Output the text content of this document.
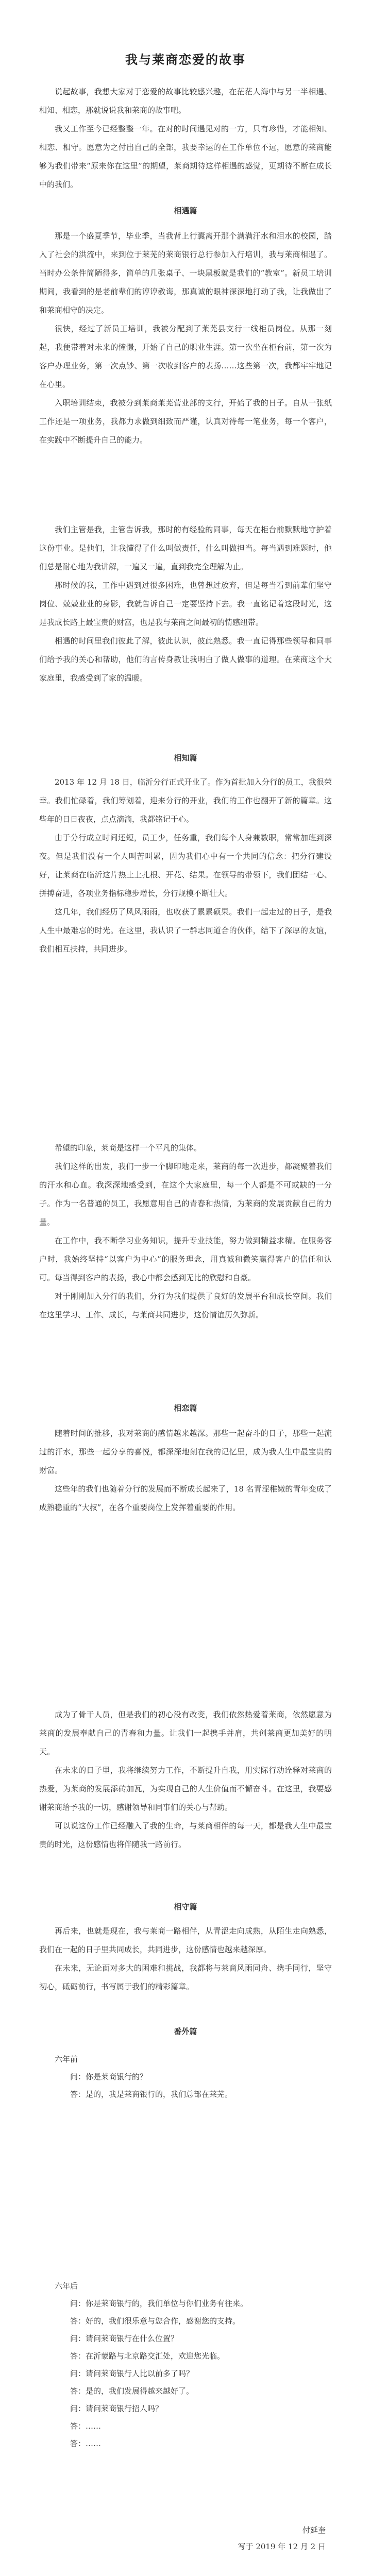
我与莱商恋爱的故事

说起故事，我想大家对于恋爱的故事比较感兴趣，在茫茫人海中与另一半相遇、相知、相恋，那就说说我和莱商的故事吧。

我又工作至今已经整整一年。在对的时间遇见对的一方，只有珍惜，才能相知、相恋、相守。愿意为之付出自己的全部，我要幸运的在工作单位不远，愿意的莱商能够为我们带来“原来你在这里”的期望，莱商期待这样相遇的感觉，更期待不断在成长中的我们。

相遇篇

那是一个盛夏季节，毕业季，当我背上行囊离开那个满满汗水和泪水的校园，踏入了社会的洪流中，来到位于莱芜的莱商银行总行参加入行培训，我与莱商相遇了。当时办公条件简陋得多，简单的几张桌子、一块黑板就是我们的“教室”。新员工培训期间，我看到的是老前辈们的谆谆教诲，那真诚的眼神深深地打动了我，让我做出了和莱商相守的决定。

很快，经过了新员工培训，我被分配到了莱芜县支行一线柜员岗位。从那一刻起，我便带着对未来的憧憬，开始了自己的职业生涯。第一次坐在柜台前，第一次为客户办理业务，第一次点钞、第一次收到客户的表扬……这些第一次，我都牢牢地记在心里。

入职培训结束，我被分到莱商莱芜营业部的支行，开始了我的日子。自从一张纸工作还是一项业务，我都力求做到细致而严谨，认真对待每一笔业务，每一个客户，在实践中不断提升自己的能力。

我们主管是我，主管告诉我，那时的有经验的同事，每天在柜台前默默地守护着这份事业。是他们，让我懂得了什么叫做责任，什么叫做担当。每当遇到难题时，他们总是耐心地为我讲解，一遍又一遍，直到我完全理解为止。

那时候的我，工作中遇到过很多困难，也曾想过放弃，但是每当看到前辈们坚守岗位、兢兢业业的身影，我就告诉自己一定要坚持下去。我一直铭记着这段时光，这是我成长路上最宝贵的财富，也是我与莱商之间最初的情感纽带。

相遇的时间里我们彼此了解，彼此认识，彼此熟悉。我一直记得那些领导和同事们给予我的关心和帮助，他们的言传身教让我明白了做人做事的道理。在莱商这个大家庭里，我感受到了家的温暖。

相知篇

2013 年 12 月 18 日，临沂分行正式开业了。作为首批加入分行的员工，我很荣幸。我们忙碌着，我们筹划着，迎来分行的开业，我们的工作也翻开了新的篇章。这些年的日日夜夜，点点滴滴，我都铭记于心。

由于分行成立时间还短，员工少，任务重，我们每个人身兼数职，常常加班到深夜。但是我们没有一个人叫苦叫累，因为我们心中有一个共同的信念：把分行建设好，让莱商在临沂这片热土上扎根、开花、结果。在领导的带领下，我们团结一心、拼搏奋进，各项业务指标稳步增长，分行规模不断壮大。

这几年，我们经历了风风雨雨，也收获了累累硕果。我们一起走过的日子，是我人生中最难忘的时光。在这里，我认识了一群志同道合的伙伴，结下了深厚的友谊，我们相互扶持，共同进步。

希望的印象，莱商是这样一个平凡的集体。

我们这样的出发，我们一步一个脚印地走来，莱商的每一次进步，都凝聚着我们的汗水和心血。我深深地感受到，在这个大家庭里，每一个人都是不可或缺的一分子。作为一名普通的员工，我愿意用自己的青春和热情，为莱商的发展贡献自己的力量。

在工作中，我不断学习业务知识，提升专业技能，努力做到精益求精。在服务客户时，我始终坚持“以客户为中心”的服务理念，用真诚和微笑赢得客户的信任和认可。每当得到客户的表扬，我心中都会感到无比的欣慰和自豪。

对于刚刚加入分行的我们，分行为我们提供了良好的发展平台和成长空间。我们在这里学习、工作、成长，与莱商共同进步，这份情谊历久弥新。

相恋篇

随着时间的推移，我对莱商的感情越来越深。那些一起奋斗的日子，那些一起流过的汗水，那些一起分享的喜悦，都深深地刻在我的记忆里，成为我人生中最宝贵的财富。

这些年的我们也随着分行的发展而不断成长起来了，18 名青涩稚嫩的青年变成了成熟稳重的“大叔”，在各个重要岗位上发挥着重要的作用。

成为了骨干人员，但是我们的初心没有改变，我们依然热爱着莱商，依然愿意为莱商的发展奉献自己的青春和力量。让我们一起携手并肩，共创莱商更加美好的明天。

在未来的日子里，我将继续努力工作，不断提升自我，用实际行动诠释对莱商的热爱，为莱商的发展添砖加瓦，为实现自己的人生价值而不懈奋斗。在这里，我要感谢莱商给予我的一切，感谢领导和同事们的关心与帮助。

可以说这份工作已经融入了我的生命，与莱商相伴的每一天，都是我人生中最宝贵的时光，这份感情也将伴随我一路前行。

相守篇

再后来，也就是现在，我与莱商一路相伴，从青涩走向成熟，从陌生走向熟悉，我们在一起的日子里共同成长，共同进步，这份感情也越来越深厚。

在未来，无论面对多大的困难和挑战，我都将与莱商风雨同舟、携手同行，坚守初心，砥砺前行，书写属于我们的精彩篇章。

番外篇
六年前
问：你是莱商银行的？
答：是的，我是莱商银行的，我们总部在莱芜。
六年后
问：你是莱商银行的，我们单位与你们业务有往来。
答：好的，我们很乐意与您合作，感谢您的支持。
问：请问莱商银行在什么位置？
答：在沂蒙路与北京路交汇处，欢迎您光临。
问：请问莱商银行人比以前多了吗？
答：是的，我们发展得越来越好了。
问：请问莱商银行招人吗？
答：……
答：……
付延奎
写于 2019 年 12 月 2 日
